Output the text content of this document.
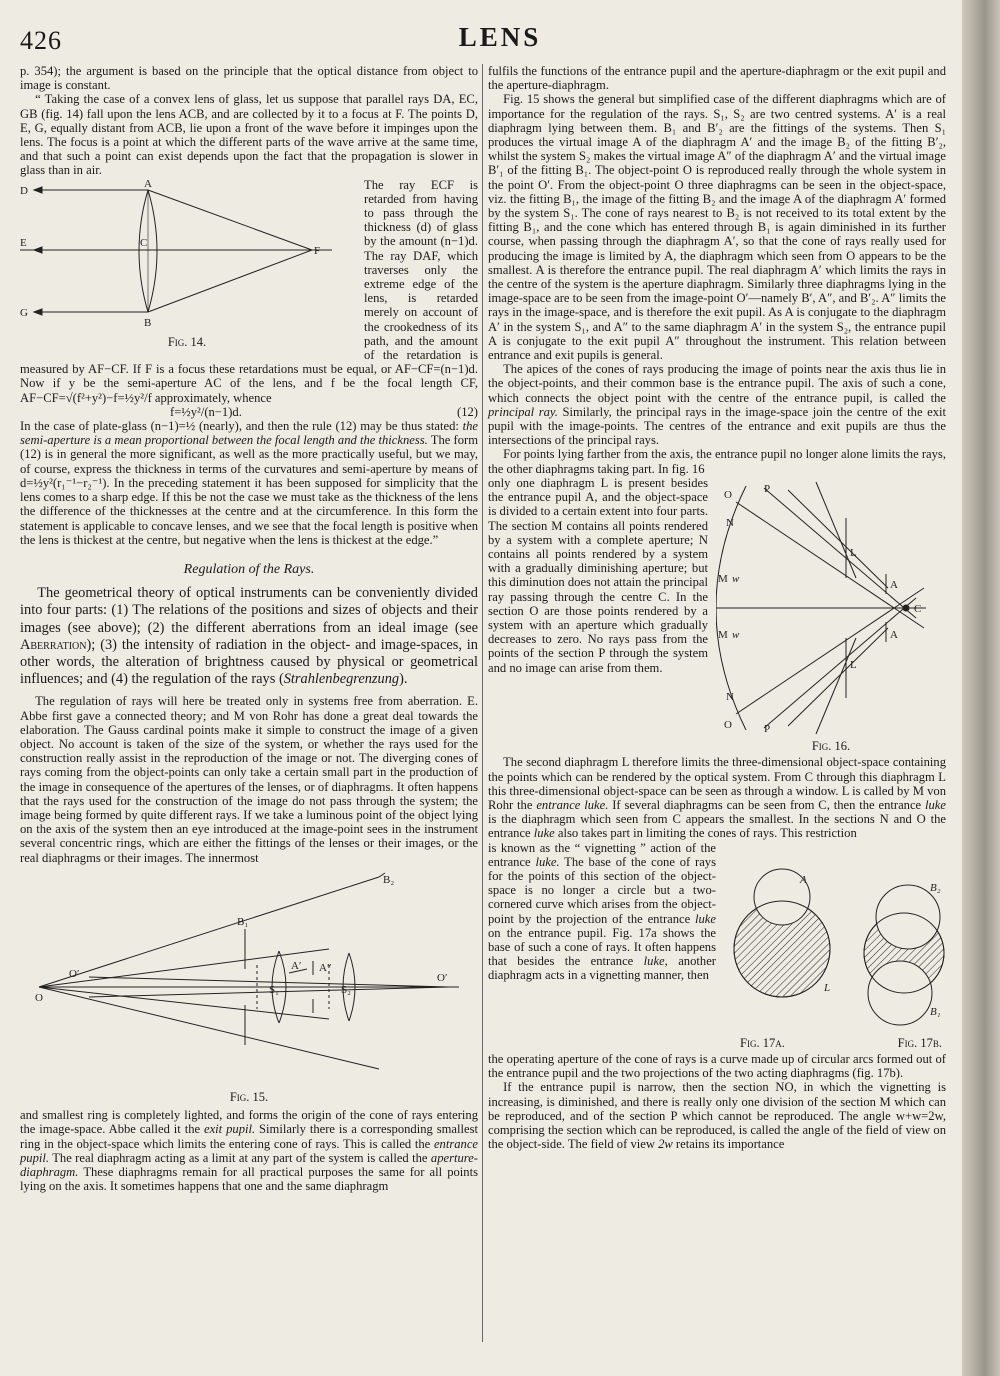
426	LENS

p. 354); the argument is based on the principle that the optical distance from object to image is constant.

“ Taking the case of a convex lens of glass, let us suppose that parallel rays DA, EC, GB (fig. 14) fall upon the lens ACB, and are collected by it to a focus at F. The points D, E, G, equally distant from ACB, lie upon a front of the wave before it impinges upon the lens. The focus is a point at which the different parts of the wave arrive at the same time, and that such a point can exist depends upon the fact that the propagation is slower in glass than in air.

D
A
E	C
F
G
B
Fig. 14.

The ray ECF is retarded from having to pass through the thickness (d) of glass by the amount (n−1)d. The ray DAF, which traverses only the extreme edge of the lens, is retarded merely on account of the crookedness of its path, and the amount of the retardation is measured by AF−CF. If F is a focus these retardations must be equal, or AF−CF=(n−1)d. Now if y be the semi-aperture AC of the lens, and f be the focal length CF, AF−CF=√(f²+y²)−f=½y²/f approximately, whence

f=½y²/(n−1)d.	(12)

In the case of plate-glass (n−1)=½ (nearly), and then the rule (12) may be thus stated: the semi-aperture is a mean proportional between the focal length and the thickness. The form (12) is in general the more significant, as well as the more practically useful, but we may, of course, express the thickness in terms of the curvatures and semi-aperture by means of d=½y²(r₁⁻¹−r₂⁻¹). In the preceding statement it has been supposed for simplicity that the lens comes to a sharp edge. If this be not the case we must take as the thickness of the lens the difference of the thicknesses at the centre and at the circumference. In this form the statement is applicable to concave lenses, and we see that the focal length is positive when the lens is thickest at the centre, but negative when the lens is thickest at the edge.”

Regulation of the Rays.

The geometrical theory of optical instruments can be conveniently divided into four parts: (1) The relations of the positions and sizes of objects and their images (see above); (2) the different aberrations from an ideal image (see Aberration); (3) the intensity of radiation in the object- and image-spaces, in other words, the alteration of brightness caused by physical or geometrical influences; and (4) the regulation of the rays (Strahlenbegrenzung).

The regulation of rays will here be treated only in systems free from aberration. E. Abbe first gave a connected theory; and M von Rohr has done a great deal towards the elaboration. The Gauss cardinal points make it simple to construct the image of a given object. No account is taken of the size of the system, or whether the rays used for the construction really assist in the reproduction of the image or not. The diverging cones of rays coming from the object-points can only take a certain small part in the production of the image in consequence of the apertures of the lenses, or of diaphragms. It often happens that the rays used for the construction of the image do not pass through the system; the image being formed by quite different rays. If we take a luminous point of the object lying on the axis of the system then an eye introduced at the image-point sees in the instrument several concentric rings, which are either the fittings of the lenses or their images, or the real diaphragms or their images. The innermost

O
O′	O′
S₁	S₂
B₁
B₂
A′ A″
Fig. 15.

and smallest ring is completely lighted, and forms the origin of the cone of rays entering the image-space. Abbe called it the exit pupil. Similarly there is a corresponding smallest ring in the object-space which limits the entering cone of rays. This is called the entrance pupil. The real diaphragm acting as a limit at any part of the system is called the aperture-diaphragm. These diaphragms remain for all practical purposes the same for all points lying on the axis. It sometimes happens that one and the same diaphragm

fulfils the functions of the entrance pupil and the aperture-diaphragm or the exit pupil and the aperture-diaphragm.

Fig. 15 shows the general but simplified case of the different diaphragms which are of importance for the regulation of the rays. S₁, S₂ are two centred systems. A′ is a real diaphragm lying between them. B₁ and B′₂ are the fittings of the systems. Then S₁ produces the virtual image A of the diaphragm A′ and the image B₂ of the fitting B′₂, whilst the system S₂ makes the virtual image A″ of the diaphragm A′ and the virtual image B′₁ of the fitting B₁. The object-point O is reproduced really through the whole system in the point O′. From the object-point O three diaphragms can be seen in the object-space, viz. the fitting B₁, the image of the fitting B₂ and the image A of the diaphragm A′ formed by the system S₁. The cone of rays nearest to B₂ is not received to its total extent by the fitting B₁, and the cone which has entered through B₁ is again diminished in its further course, when passing through the diaphragm A′, so that the cone of rays really used for producing the image is limited by A, the diaphragm which seen from O appears to be the smallest. A is therefore the entrance pupil. The real diaphragm A′ which limits the rays in the centre of the system is the aperture diaphragm. Similarly three diaphragms lying in the image-space are to be seen from the image-point O′—namely B′, A″, and B′₂. A″ limits the rays in the image-space, and is therefore the exit pupil. As A is conjugate to the diaphragm A′ in the system S₁, and A″ to the same diaphragm A′ in the system S₂, the entrance pupil A is conjugate to the exit pupil A″ throughout the instrument. This relation between entrance and exit pupils is general.

The apices of the cones of rays producing the image of points near the axis thus lie in the object-points, and their common base is the entrance pupil. The axis of such a cone, which connects the object point with the centre of the entrance pupil, is called the principal ray. Similarly, the principal rays in the image-space join the centre of the exit pupil with the image-points. The centres of the entrance and exit pupils are thus the intersections of the principal rays.

For points lying farther from the axis, the entrance pupil no longer alone limits the rays, the other diaphragms taking part. In fig. 16

O	P
N
M w
M w
N
O	P
L
L
A
A
C
Fig. 16.

only one diaphragm L is present besides the entrance pupil A, and the object-space is divided to a certain extent into four parts. The section M contains all points rendered by a system with a complete aperture; N contains all points rendered by a system with a gradually diminishing aperture; but this diminution does not attain the principal ray passing through the centre C. In the section O are those points rendered by a system with an aperture which gradually decreases to zero. No rays pass from the points of the section P through the system and no image can arise from them.

The second diaphragm L therefore limits the three-dimensional object-space containing the points which can be rendered by the optical system. From C through this diaphragm L this three-dimensional object-space can be seen as through a window. L is called by M von Rohr the entrance luke. If several diaphragms can be seen from C, then the entrance luke is the diaphragm which seen from C appears the smallest. In the sections N and O the entrance luke also takes part in limiting the cones of rays. This restriction

A
L
B₂
B₁
Fig. 17a.	Fig. 17b.

is known as the “ vignetting ” action of the entrance luke. The base of the cone of rays for the points of this section of the object-space is no longer a circle but a two-cornered curve which arises from the object-point by the projection of the entrance luke on the entrance pupil. Fig. 17a shows the base of such a cone of rays. It often happens that besides the entrance luke, another diaphragm acts in a vignetting manner, then

the operating aperture of the cone of rays is a curve made up of circular arcs formed out of the entrance pupil and the two projections of the two acting diaphragms (fig. 17b).

If the entrance pupil is narrow, then the section NO, in which the vignetting is increasing, is diminished, and there is really only one division of the section M which can be reproduced, and of the section P which cannot be reproduced. The angle w+w=2w, comprising the section which can be reproduced, is called the angle of the field of view on the object-side. The field of view 2w retains its importance
